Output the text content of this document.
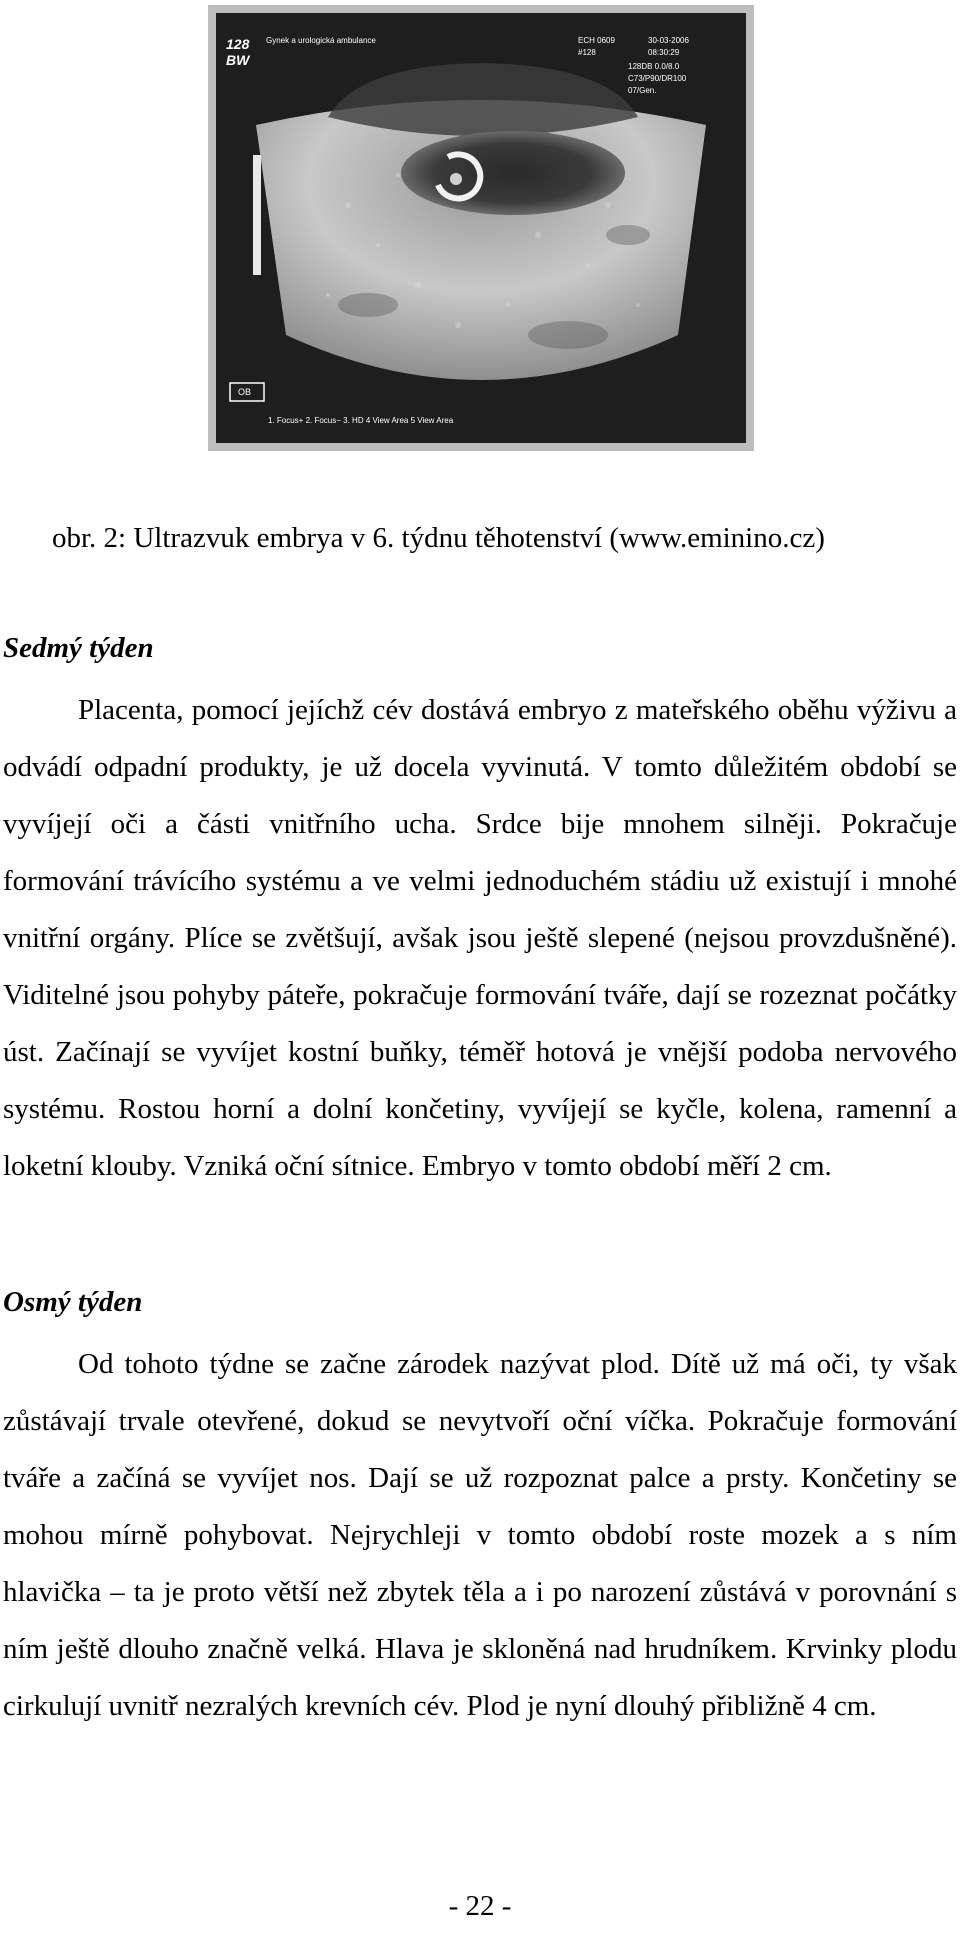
128
BW
Gynek a urologická ambulance	ECH 0609	30-03-2006
#128	08:30:29
128DB 0.0/8.0
C73/P90/DR100
07/Gen.
OB
1. Focus+ 2. Focus− 3. HD 4 View Area 5 View Area
obr. 2: Ultrazvuk embrya v 6. týdnu těhotenství (www.eminino.cz)
Sedmý týden
Placenta, pomocí jejíchž cév dostává embryo z mateřského oběhu výživu a odvádí odpadní produkty, je už docela vyvinutá. V tomto důležitém období se vyvíjejí oči a části vnitřního ucha. Srdce bije mnohem silněji. Pokračuje formování trávícího systému a ve velmi jednoduchém stádiu už existují i mnohé vnitřní orgány. Plíce se zvětšují, avšak jsou ještě slepené (nejsou provzdušněné). Viditelné jsou pohyby páteře, pokračuje formování tváře, dají se rozeznat počátky úst. Začínají se vyvíjet kostní buňky, téměř hotová je vnější podoba nervového systému. Rostou horní a dolní končetiny, vyvíjejí se kyčle, kolena, ramenní a loketní klouby. Vzniká oční sítnice. Embryo v tomto období měří 2 cm.
Osmý týden
Od tohoto týdne se začne zárodek nazývat plod. Dítě už má oči, ty však zůstávají trvale otevřené, dokud se nevytvoří oční víčka. Pokračuje formování tváře a začíná se vyvíjet nos. Dají se už rozpoznat palce a prsty. Končetiny se mohou mírně pohybovat. Nejrychleji v tomto období roste mozek a s ním hlavička – ta je proto větší než zbytek těla a i po narození zůstává v porovnání s ním ještě dlouho značně velká. Hlava je skloněná nad hrudníkem. Krvinky plodu cirkulují uvnitř nezralých krevních cév. Plod je nyní dlouhý přibližně 4 cm.
- 22 -
